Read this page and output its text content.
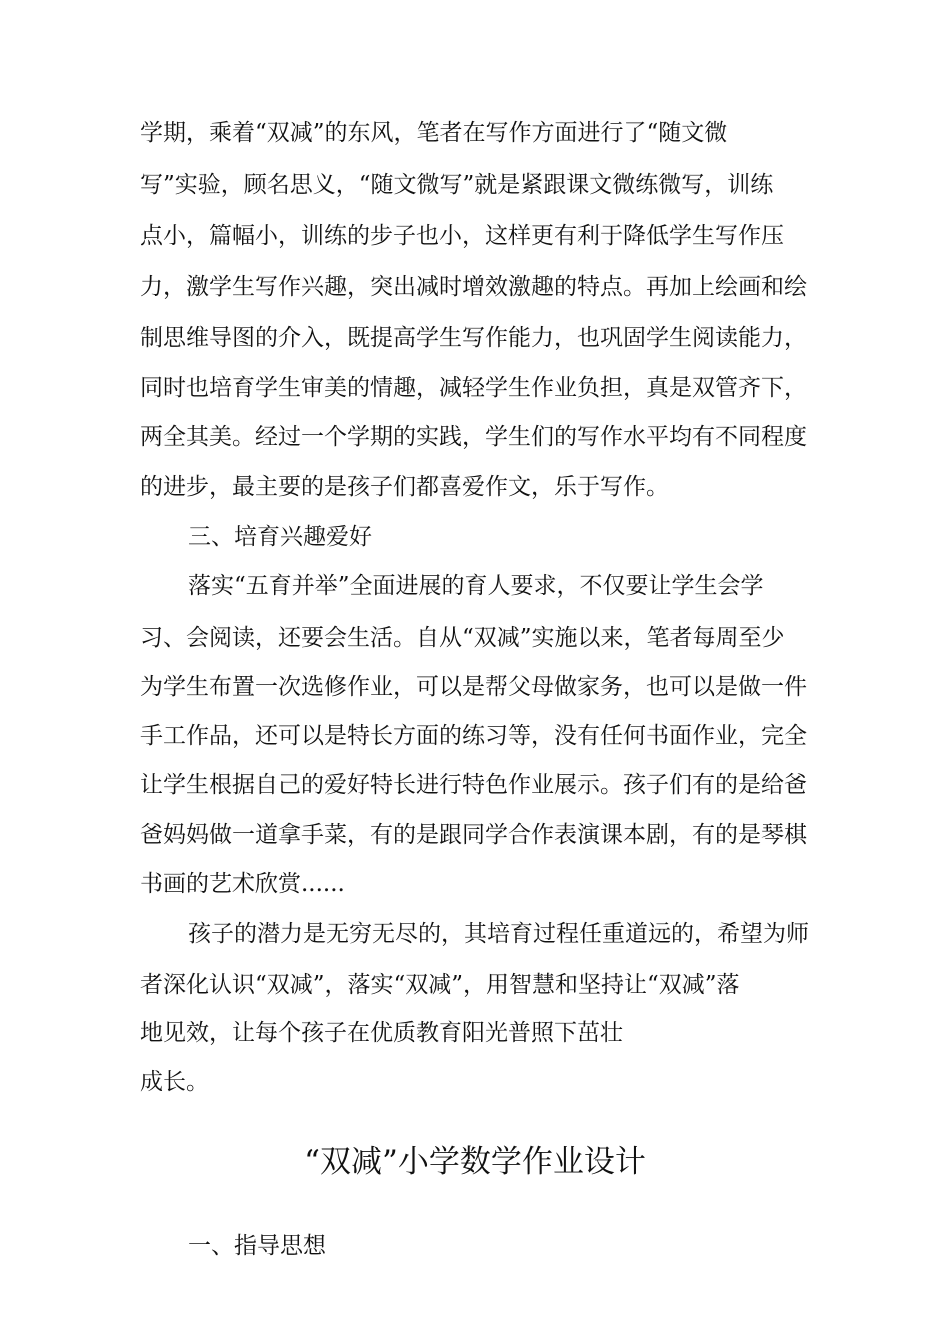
学期，乘着“双减”的东风，笔者在写作方面进行了“随文微
写”实验，顾名思义，“随文微写”就是紧跟课文微练微写，训练
点小，篇幅小，训练的步子也小，这样更有利于降低学生写作压
力，激学生写作兴趣，突出减时增效激趣的特点。再加上绘画和绘
制思维导图的介入，既提高学生写作能力，也巩固学生阅读能力，
同时也培育学生审美的情趣，减轻学生作业负担，真是双管齐下，
两全其美。经过一个学期的实践，学生们的写作水平均有不同程度
的进步，最主要的是孩子们都喜爱作文，乐于写作。
三、培育兴趣爱好
落实“五育并举”全面进展的育人要求，不仅要让学生会学
习、会阅读，还要会生活。自从“双减”实施以来，笔者每周至少
为学生布置一次选修作业，可以是帮父母做家务，也可以是做一件
手工作品，还可以是特长方面的练习等，没有任何书面作业，完全
让学生根据自己的爱好特长进行特色作业展示。孩子们有的是给爸
爸妈妈做一道拿手菜，有的是跟同学合作表演课本剧，有的是琴棋
书画的艺术欣赏......
孩子的潜力是无穷无尽的，其培育过程任重道远的，希望为师
者深化认识“双减”，落实“双减”，用智慧和坚持让“双减”落
地见效，让每个孩子在优质教育阳光普照下茁壮
成长。
“双减”小学数学作业设计
一、指导思想
